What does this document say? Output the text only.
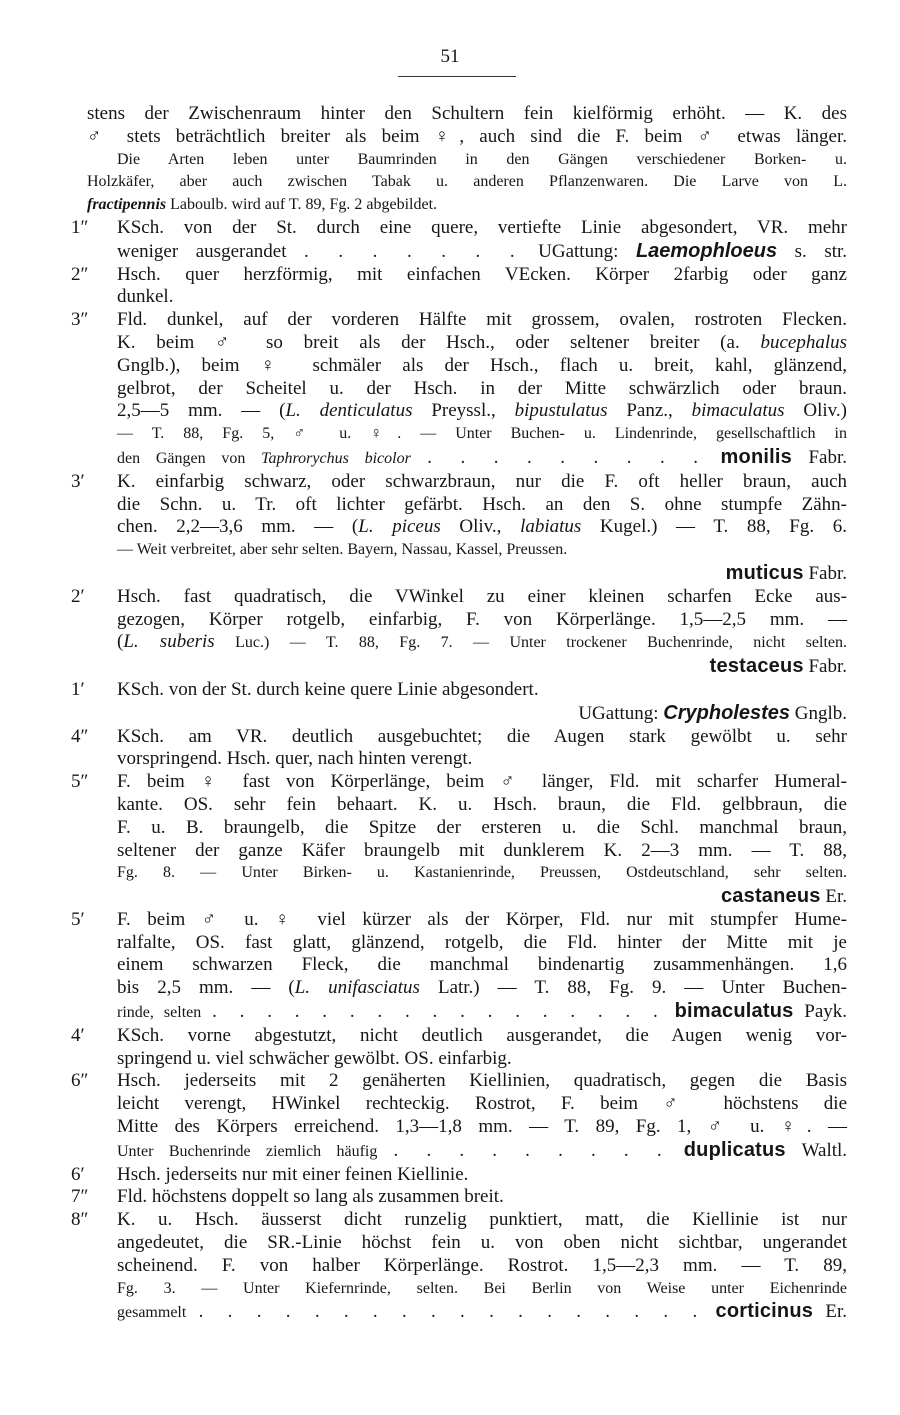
51
stens der Zwischenraum hinter den Schultern fein kielförmig erhöht. — K. des
♂ stets beträchtlich breiter als beim ♀, auch sind die F. beim ♂ etwas länger.
Die Arten leben unter Baumrinden in den Gängen verschiedener Borken- u.
Holzkäfer, aber auch zwischen Tabak u. anderen Pflanzenwaren. Die Larve von L.
fractipennis Laboulb. wird auf T. 89, Fg. 2 abgebildet.
1″	KSch. von der St. durch eine quere, vertiefte Linie abgesondert, VR. mehr
weniger ausgerandet . . . . . . . UGattung: Laemophloeus s. str.
2″	Hsch. quer herzförmig, mit einfachen VEcken. Körper 2farbig oder ganz
dunkel.
3″	Fld. dunkel, auf der vorderen Hälfte mit grossem, ovalen, rostroten Flecken.
K. beim ♂ so breit als der Hsch., oder seltener breiter (a. bucephalus
Gnglb.), beim ♀ schmäler als der Hsch., flach u. breit, kahl, glänzend,
gelbrot, der Scheitel u. der Hsch. in der Mitte schwärzlich oder braun.
2,5—5 mm. — (L. denticulatus Preyssl., bipustulatus Panz., bimaculatus Oliv.)
— T. 88, Fg. 5, ♂ u. ♀. — Unter Buchen- u. Lindenrinde, gesellschaftlich in
den Gängen von Taphrorychus bicolor . . . . . . . . . monilis Fabr.
3′	K. einfarbig schwarz, oder schwarzbraun, nur die F. oft heller braun, auch
die Schn. u. Tr. oft lichter gefärbt. Hsch. an den S. ohne stumpfe Zähn-
chen. 2,2—3,6 mm. — (L. piceus Oliv., labiatus Kugel.) — T. 88, Fg. 6.
— Weit verbreitet, aber sehr selten. Bayern, Nassau, Kassel, Preussen.
muticus Fabr.
2′	Hsch. fast quadratisch, die VWinkel zu einer kleinen scharfen Ecke aus-
gezogen, Körper rotgelb, einfarbig, F. von Körperlänge. 1,5—2,5 mm. —
(L. suberis Luc.) — T. 88, Fg. 7. — Unter trockener Buchenrinde, nicht selten.
testaceus Fabr.
1′	KSch. von der St. durch keine quere Linie abgesondert.
UGattung: Crypholestes Gnglb.
4″	KSch. am VR. deutlich ausgebuchtet; die Augen stark gewölbt u. sehr
vorspringend. Hsch. quer, nach hinten verengt.
5″	F. beim ♀ fast von Körperlänge, beim ♂ länger, Fld. mit scharfer Humeral-
kante. OS. sehr fein behaart. K. u. Hsch. braun, die Fld. gelbbraun, die
F. u. B. braungelb, die Spitze der ersteren u. die Schl. manchmal braun,
seltener der ganze Käfer braungelb mit dunklerem K. 2—3 mm. — T. 88,
Fg. 8. — Unter Birken- u. Kastanienrinde, Preussen, Ostdeutschland, sehr selten.
castaneus Er.
5′	F. beim ♂ u. ♀ viel kürzer als der Körper, Fld. nur mit stumpfer Hume-
ralfalte, OS. fast glatt, glänzend, rotgelb, die Fld. hinter der Mitte mit je
einem schwarzen Fleck, die manchmal bindenartig zusammenhängen. 1,6
bis 2,5 mm. — (L. unifasciatus Latr.) — T. 88, Fg. 9. — Unter Buchen-
rinde, selten . . . . . . . . . . . . . . . . . bimaculatus Payk.
4′	KSch. vorne abgestutzt, nicht deutlich ausgerandet, die Augen wenig vor-
springend u. viel schwächer gewölbt. OS. einfarbig.
6″	Hsch. jederseits mit 2 genäherten Kiellinien, quadratisch, gegen die Basis
leicht verengt, HWinkel rechteckig. Rostrot, F. beim ♂ höchstens die
Mitte des Körpers erreichend. 1,3—1,8 mm. — T. 89, Fg. 1, ♂ u. ♀. —
Unter Buchenrinde ziemlich häufig . . . . . . . . . duplicatus Waltl.
6′	Hsch. jederseits nur mit einer feinen Kiellinie.
7″	Fld. höchstens doppelt so lang als zusammen breit.
8″	K. u. Hsch. äusserst dicht runzelig punktiert, matt, die Kiellinie ist nur
angedeutet, die SR.-Linie höchst fein u. von oben nicht sichtbar, ungerandet
scheinend. F. von halber Körperlänge. Rostrot. 1,5—2,3 mm. — T. 89,
Fg. 3. — Unter Kiefernrinde, selten. Bei Berlin von Weise unter Eichenrinde
gesammelt . . . . . . . . . . . . . . . . . . corticinus Er.
